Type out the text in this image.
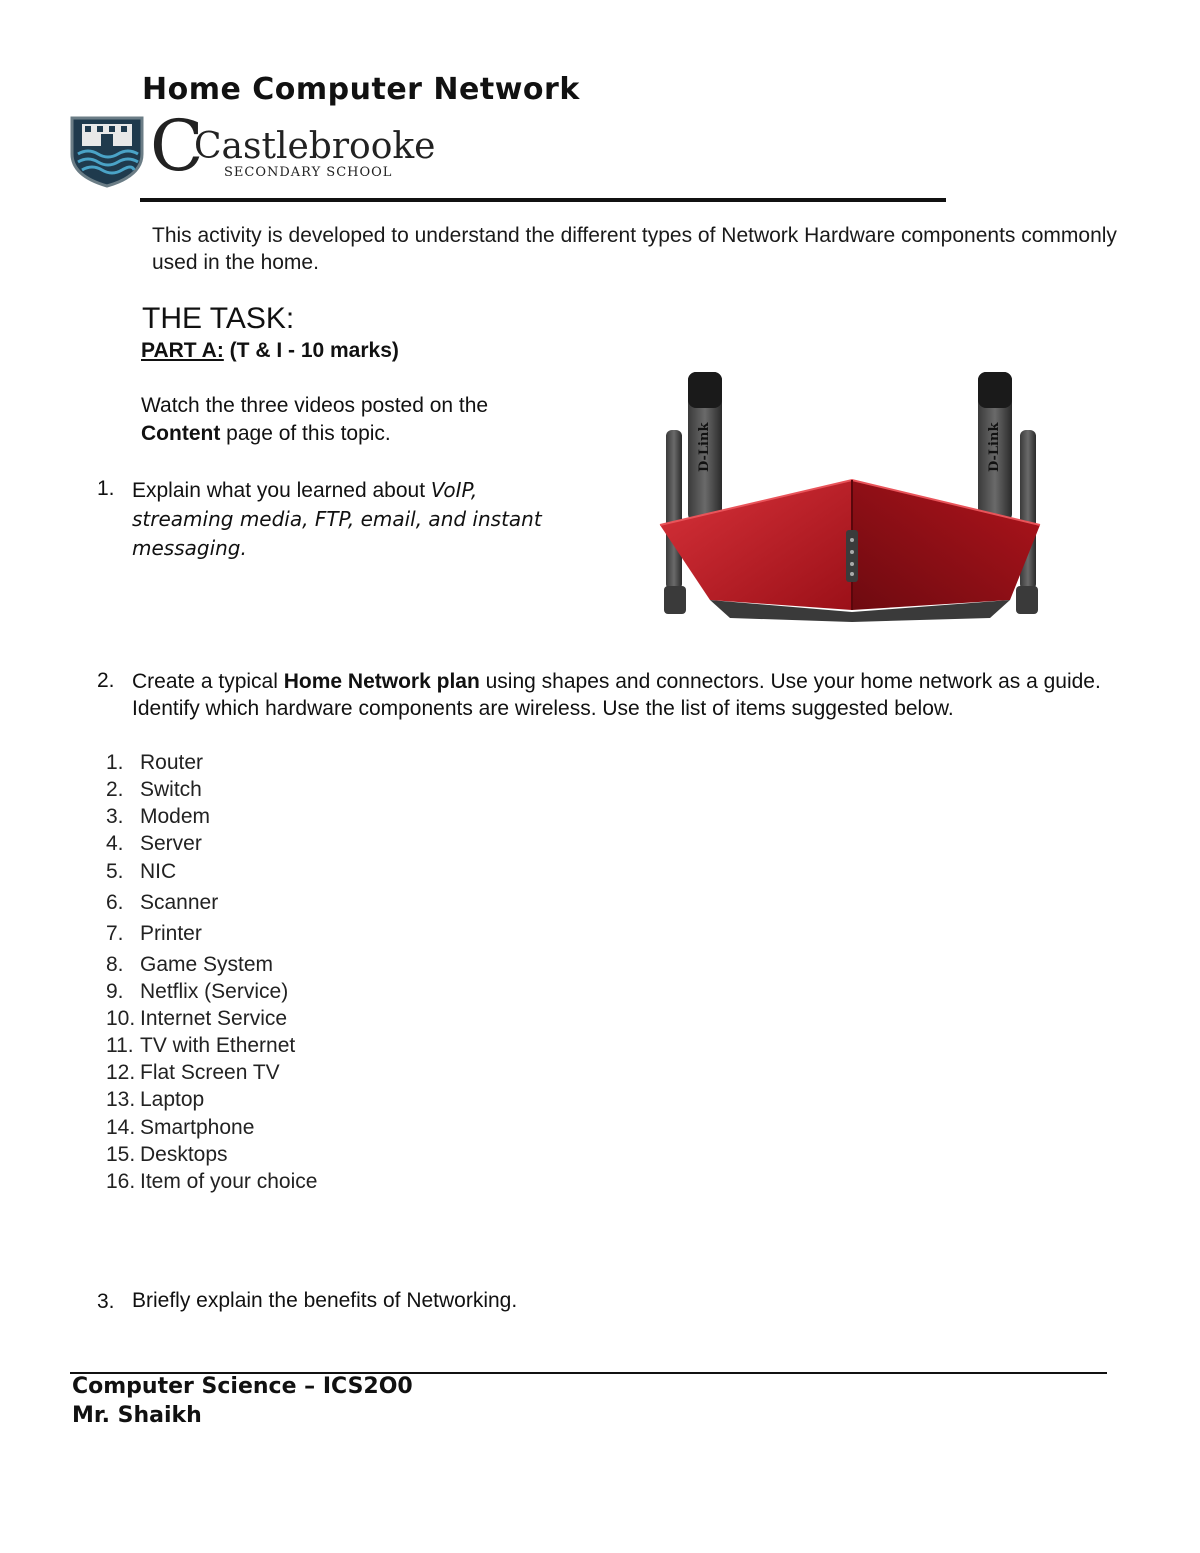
Home Computer Network
C
Castlebrooke
SECONDARY SCHOOL
This activity is developed to understand the different types of Network Hardware components commonly used in the home.
THE TASK:
PART A: (T & I - 10 marks)
Watch the three videos posted on the Content page of this topic.
1. Explain what you learned about VoIP, streaming media, FTP, email, and instant messaging.
D-Link	D-Link
2. Create a typical Home Network plan using shapes and connectors. Use your home network as a guide. Identify which hardware components are wireless. Use the list of items suggested below.
1. Router
2. Switch
3. Modem
4. Server
5. NIC
6. Scanner
7. Printer
8. Game System
9. Netflix (Service)
10. Internet Service
11. TV with Ethernet
12. Flat Screen TV
13. Laptop
14. Smartphone
15. Desktops
16. Item of your choice
3. Briefly explain the benefits of Networking.
Computer Science – ICS2O0
Mr. Shaikh
